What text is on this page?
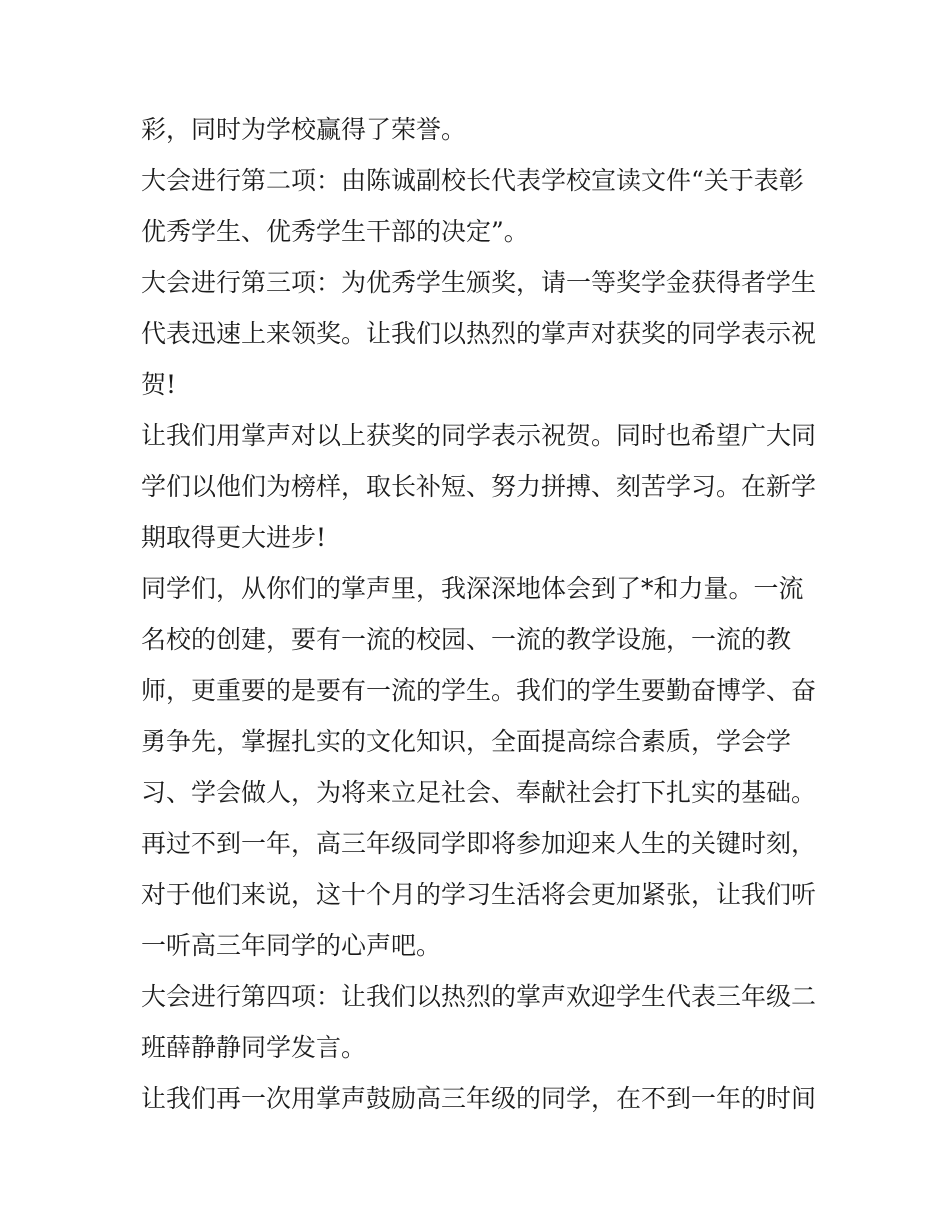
彩，同时为学校赢得了荣誉。
大会进行第二项：由陈诚副校长代表学校宣读文件“关于表彰
优秀学生、优秀学生干部的决定”。
大会进行第三项：为优秀学生颁奖，请一等奖学金获得者学生
代表迅速上来领奖。让我们以热烈的掌声对获奖的同学表示祝
贺!
让我们用掌声对以上获奖的同学表示祝贺。同时也希望广大同
学们以他们为榜样，取长补短、努力拼搏、刻苦学习。在新学
期取得更大进步!
同学们，从你们的掌声里，我深深地体会到了*和力量。一流
名校的创建，要有一流的校园、一流的教学设施，一流的教
师，更重要的是要有一流的学生。我们的学生要勤奋博学、奋
勇争先，掌握扎实的文化知识，全面提高综合素质，学会学
习、学会做人，为将来立足社会、奉献社会打下扎实的基础。
再过不到一年，高三年级同学即将参加迎来人生的关键时刻，
对于他们来说，这十个月的学习生活将会更加紧张，让我们听
一听高三年同学的心声吧。
大会进行第四项：让我们以热烈的掌声欢迎学生代表三年级二
班薛静静同学发言。
让我们再一次用掌声鼓励高三年级的同学，在不到一年的时间
